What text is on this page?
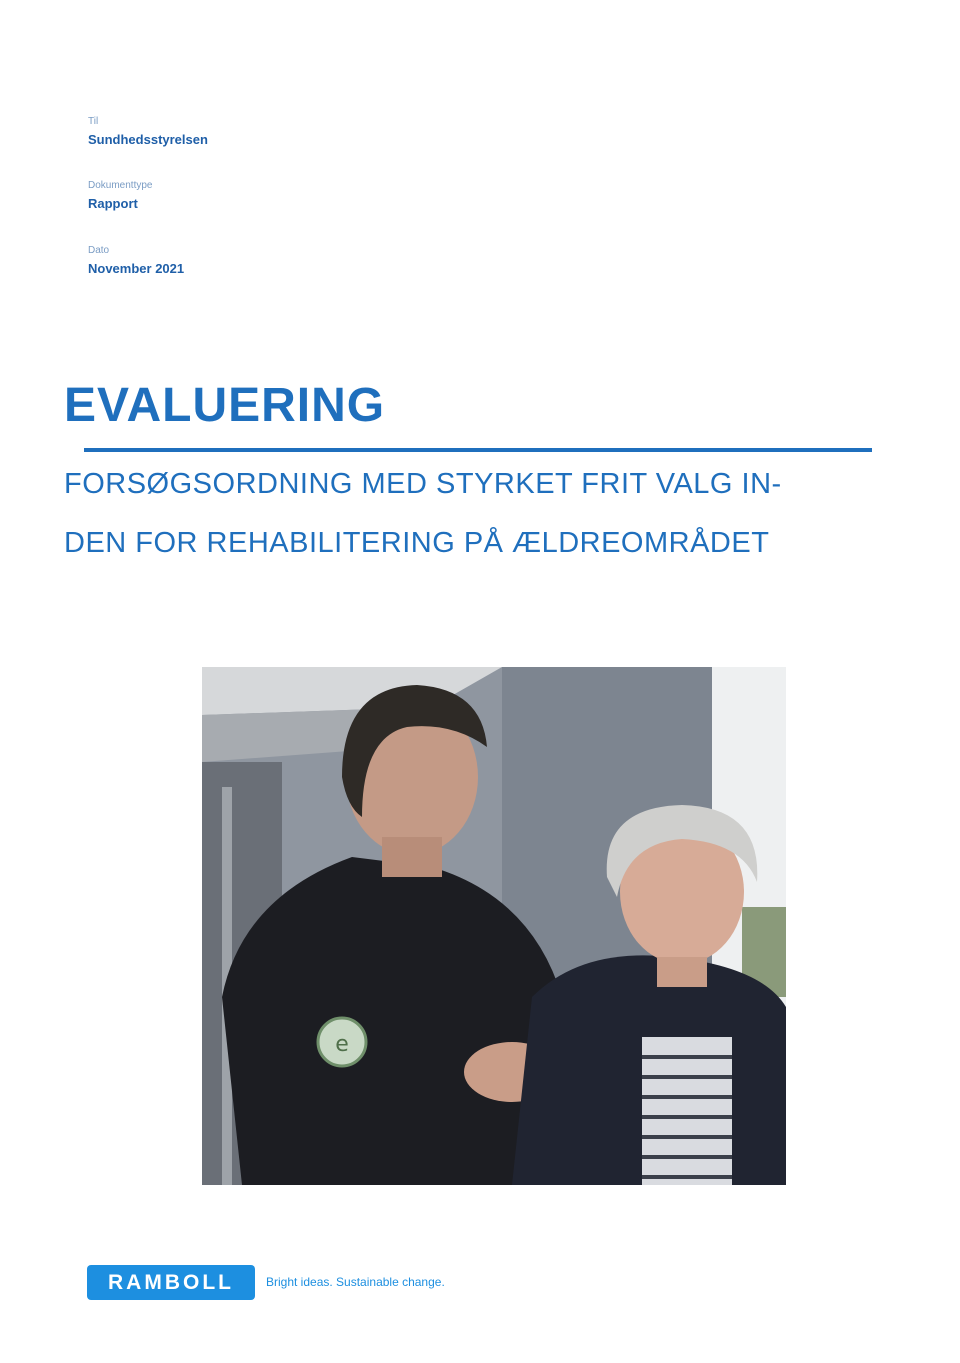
Til
Sundhedsstyrelsen
Dokumenttype
Rapport
Dato
November 2021
EVALUERING
FORSØGSORDNING MED STYRKET FRIT VALG IN-
DEN FOR REHABILITERING PÅ ÆLDREOMRÅDET
e
RAMBOLL	Bright ideas. Sustainable change.
